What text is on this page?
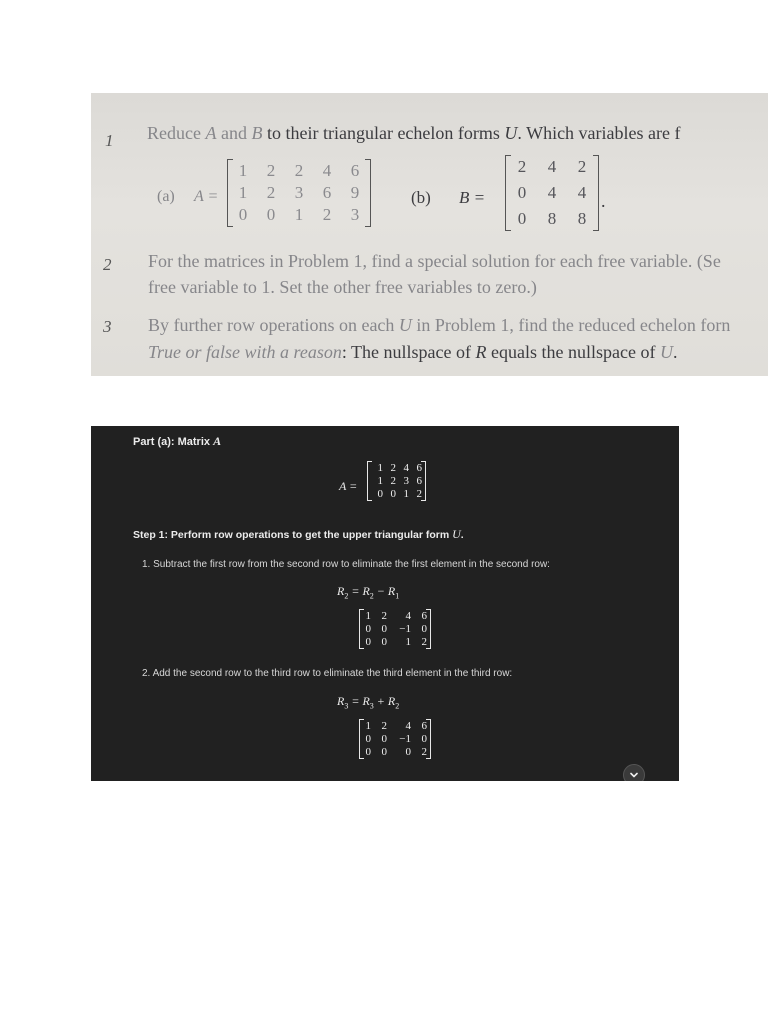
1 Reduce A and B to their triangular echelon forms U. Which variables are f
(a) A =
1 2 2 4 6
1 2 3 6 9
0 0 1 2 3
(b) B =
2 4 2
0 4 4
0 8 8
.
2 For the matrices in Problem 1, find a special solution for each free variable. (Se
free variable to 1. Set the other free variables to zero.)
3 By further row operations on each U in Problem 1, find the reduced echelon forn
True or false with a reason: The nullspace of R equals the nullspace of U.
Part (a): Matrix A
A =
1 2 4 6
1 2 3 6
0 0 1 2
Step 1: Perform row operations to get the upper triangular form U.
1. Subtract the first row from the second row to eliminate the first element in the second row:
$R_2 = R_2 - R_1$
1 2	4 6
0 0	−1 0
0 0	1 2
2. Add the second row to the third row to eliminate the third element in the third row:
$R_3 = R_3 + R_2$
1 2	4 6
0 0	−1 0
0 0	0 2
